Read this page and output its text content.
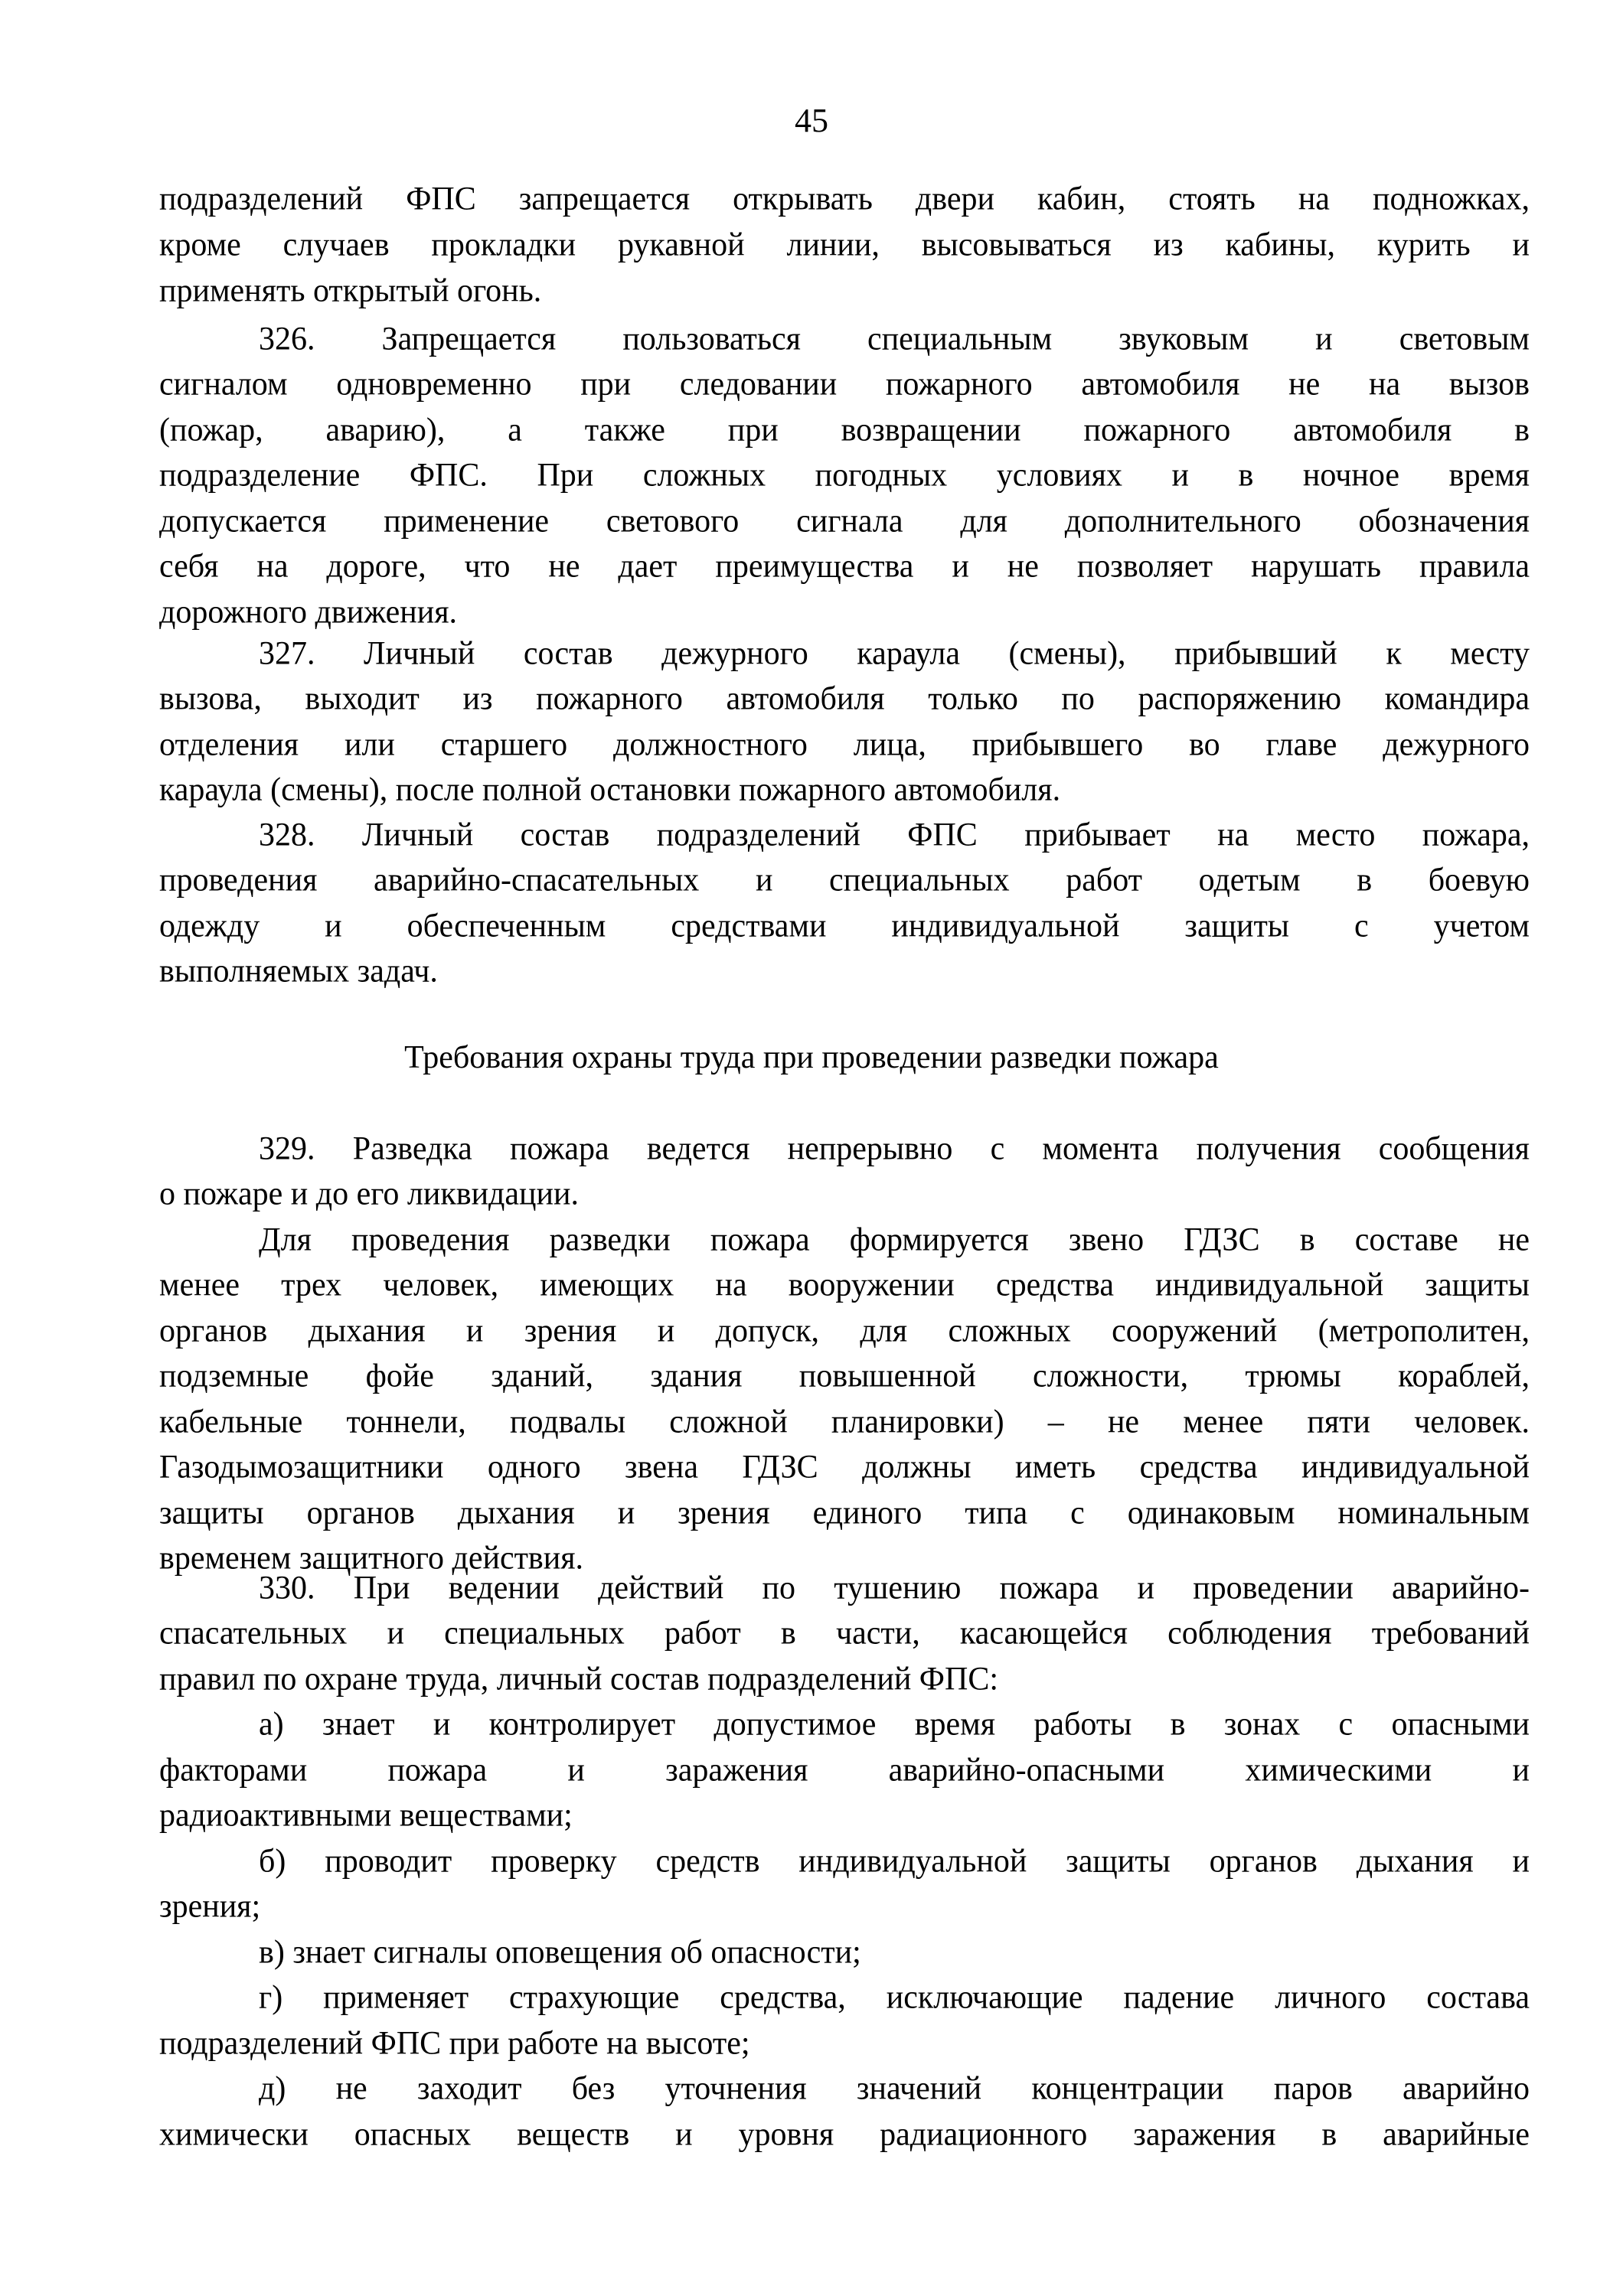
45
Требования охраны труда при проведении разведки пожара
подразделений ФПС запрещается открывать двери кабин, стоять на подножках,
кроме случаев прокладки рукавной линии, высовываться из кабины, курить и
применять открытый огонь.
326. Запрещается пользоваться специальным звуковым и световым
сигналом одновременно при следовании пожарного автомобиля не на вызов
(пожар, аварию), а также при возвращении пожарного автомобиля в
подразделение ФПС. При сложных погодных условиях и в ночное время
допускается применение светового сигнала для дополнительного обозначения
себя на дороге, что не дает преимущества и не позволяет нарушать правила
дорожного движения.
327. Личный состав дежурного караула (смены), прибывший к месту
вызова, выходит из пожарного автомобиля только по распоряжению командира
отделения или старшего должностного лица, прибывшего во главе дежурного
караула (смены), после полной остановки пожарного автомобиля.
328. Личный состав подразделений ФПС прибывает на место пожара,
проведения аварийно-спасательных и специальных работ одетым в боевую
одежду и обеспеченным средствами индивидуальной защиты с учетом
выполняемых задач.
329. Разведка пожара ведется непрерывно с момента получения сообщения
о пожаре и до его ликвидации.
Для проведения разведки пожара формируется звено ГДЗС в составе не
менее трех человек, имеющих на вооружении средства индивидуальной защиты
органов дыхания и зрения и допуск, для сложных сооружений (метрополитен,
подземные фойе зданий, здания повышенной сложности, трюмы кораблей,
кабельные тоннели, подвалы сложной планировки) – не менее пяти человек.
Газодымозащитники одного звена ГДЗС должны иметь средства индивидуальной
защиты органов дыхания и зрения единого типа с одинаковым номинальным
временем защитного действия.
330. При ведении действий по тушению пожара и проведении аварийно-
спасательных и специальных работ в части, касающейся соблюдения требований
правил по охране труда, личный состав подразделений ФПС:
а) знает и контролирует допустимое время работы в зонах с опасными
факторами пожара и заражения аварийно-опасными химическими и
радиоактивными веществами;
б) проводит проверку средств индивидуальной защиты органов дыхания и
зрения;
в) знает сигналы оповещения об опасности;
г) применяет страхующие средства, исключающие падение личного состава
подразделений ФПС при работе на высоте;
д) не заходит без уточнения значений концентрации паров аварийно
химически опасных веществ и уровня радиационного заражения в аварийные
